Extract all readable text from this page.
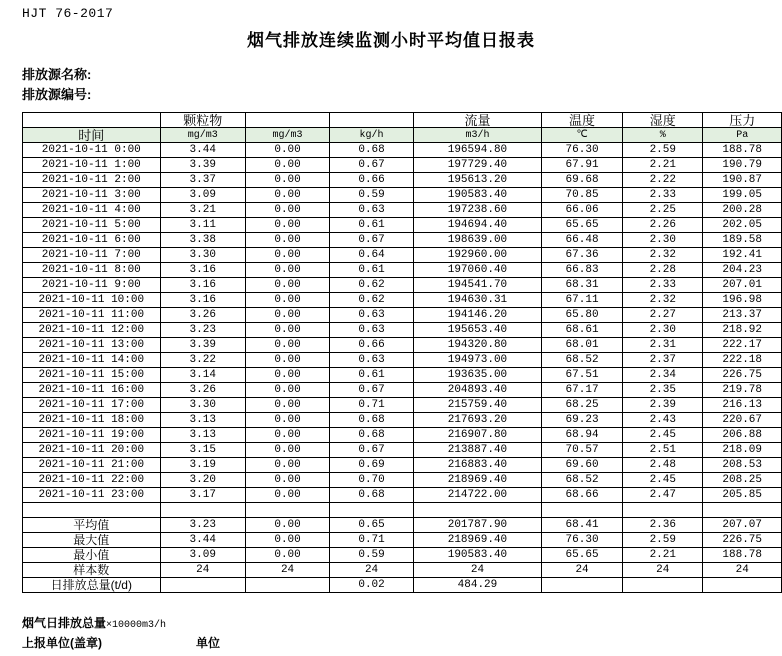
HJT 76-2017
烟气排放连续监测小时平均值日报表
排放源名称:
排放源编号:
	颗粒物			流量	温度	湿度	压力
时间	mg/m3	mg/m3	kg/h	m3/h	℃	%	Pa
2021-10-11 0:00	3.44	0.00	0.68	196594.80	76.30	2.59	188.78
2021-10-11 1:00	3.39	0.00	0.67	197729.40	67.91	2.21	190.79
2021-10-11 2:00	3.37	0.00	0.66	195613.20	69.68	2.22	190.87
2021-10-11 3:00	3.09	0.00	0.59	190583.40	70.85	2.33	199.05
2021-10-11 4:00	3.21	0.00	0.63	197238.60	66.06	2.25	200.28
2021-10-11 5:00	3.11	0.00	0.61	194694.40	65.65	2.26	202.05
2021-10-11 6:00	3.38	0.00	0.67	198639.00	66.48	2.30	189.58
2021-10-11 7:00	3.30	0.00	0.64	192960.00	67.36	2.32	192.41
2021-10-11 8:00	3.16	0.00	0.61	197060.40	66.83	2.28	204.23
2021-10-11 9:00	3.16	0.00	0.62	194541.70	68.31	2.33	207.01
2021-10-11 10:00	3.16	0.00	0.62	194630.31	67.11	2.32	196.98
2021-10-11 11:00	3.26	0.00	0.63	194146.20	65.80	2.27	213.37
2021-10-11 12:00	3.23	0.00	0.63	195653.40	68.61	2.30	218.92
2021-10-11 13:00	3.39	0.00	0.66	194320.80	68.01	2.31	222.17
2021-10-11 14:00	3.22	0.00	0.63	194973.00	68.52	2.37	222.18
2021-10-11 15:00	3.14	0.00	0.61	193635.00	67.51	2.34	226.75
2021-10-11 16:00	3.26	0.00	0.67	204893.40	67.17	2.35	219.78
2021-10-11 17:00	3.30	0.00	0.71	215759.40	68.25	2.39	216.13
2021-10-11 18:00	3.13	0.00	0.68	217693.20	69.23	2.43	220.67
2021-10-11 19:00	3.13	0.00	0.68	216907.80	68.94	2.45	206.88
2021-10-11 20:00	3.15	0.00	0.67	213887.40	70.57	2.51	218.09
2021-10-11 21:00	3.19	0.00	0.69	216883.40	69.60	2.48	208.53
2021-10-11 22:00	3.20	0.00	0.70	218969.40	68.52	2.45	208.25
2021-10-11 23:00	3.17	0.00	0.68	214722.00	68.66	2.47	205.85

平均值	3.23	0.00	0.65	201787.90	68.41	2.36	207.07
最大值	3.44	0.00	0.71	218969.40	76.30	2.59	226.75
最小值	3.09	0.00	0.59	190583.40	65.65	2.21	188.78
样本数	24	24	24	24	24	24	24
日排放总量(t/d)			0.02	484.29			
烟气日排放总量×10000m3/h
上报单位(盖章)	单位
